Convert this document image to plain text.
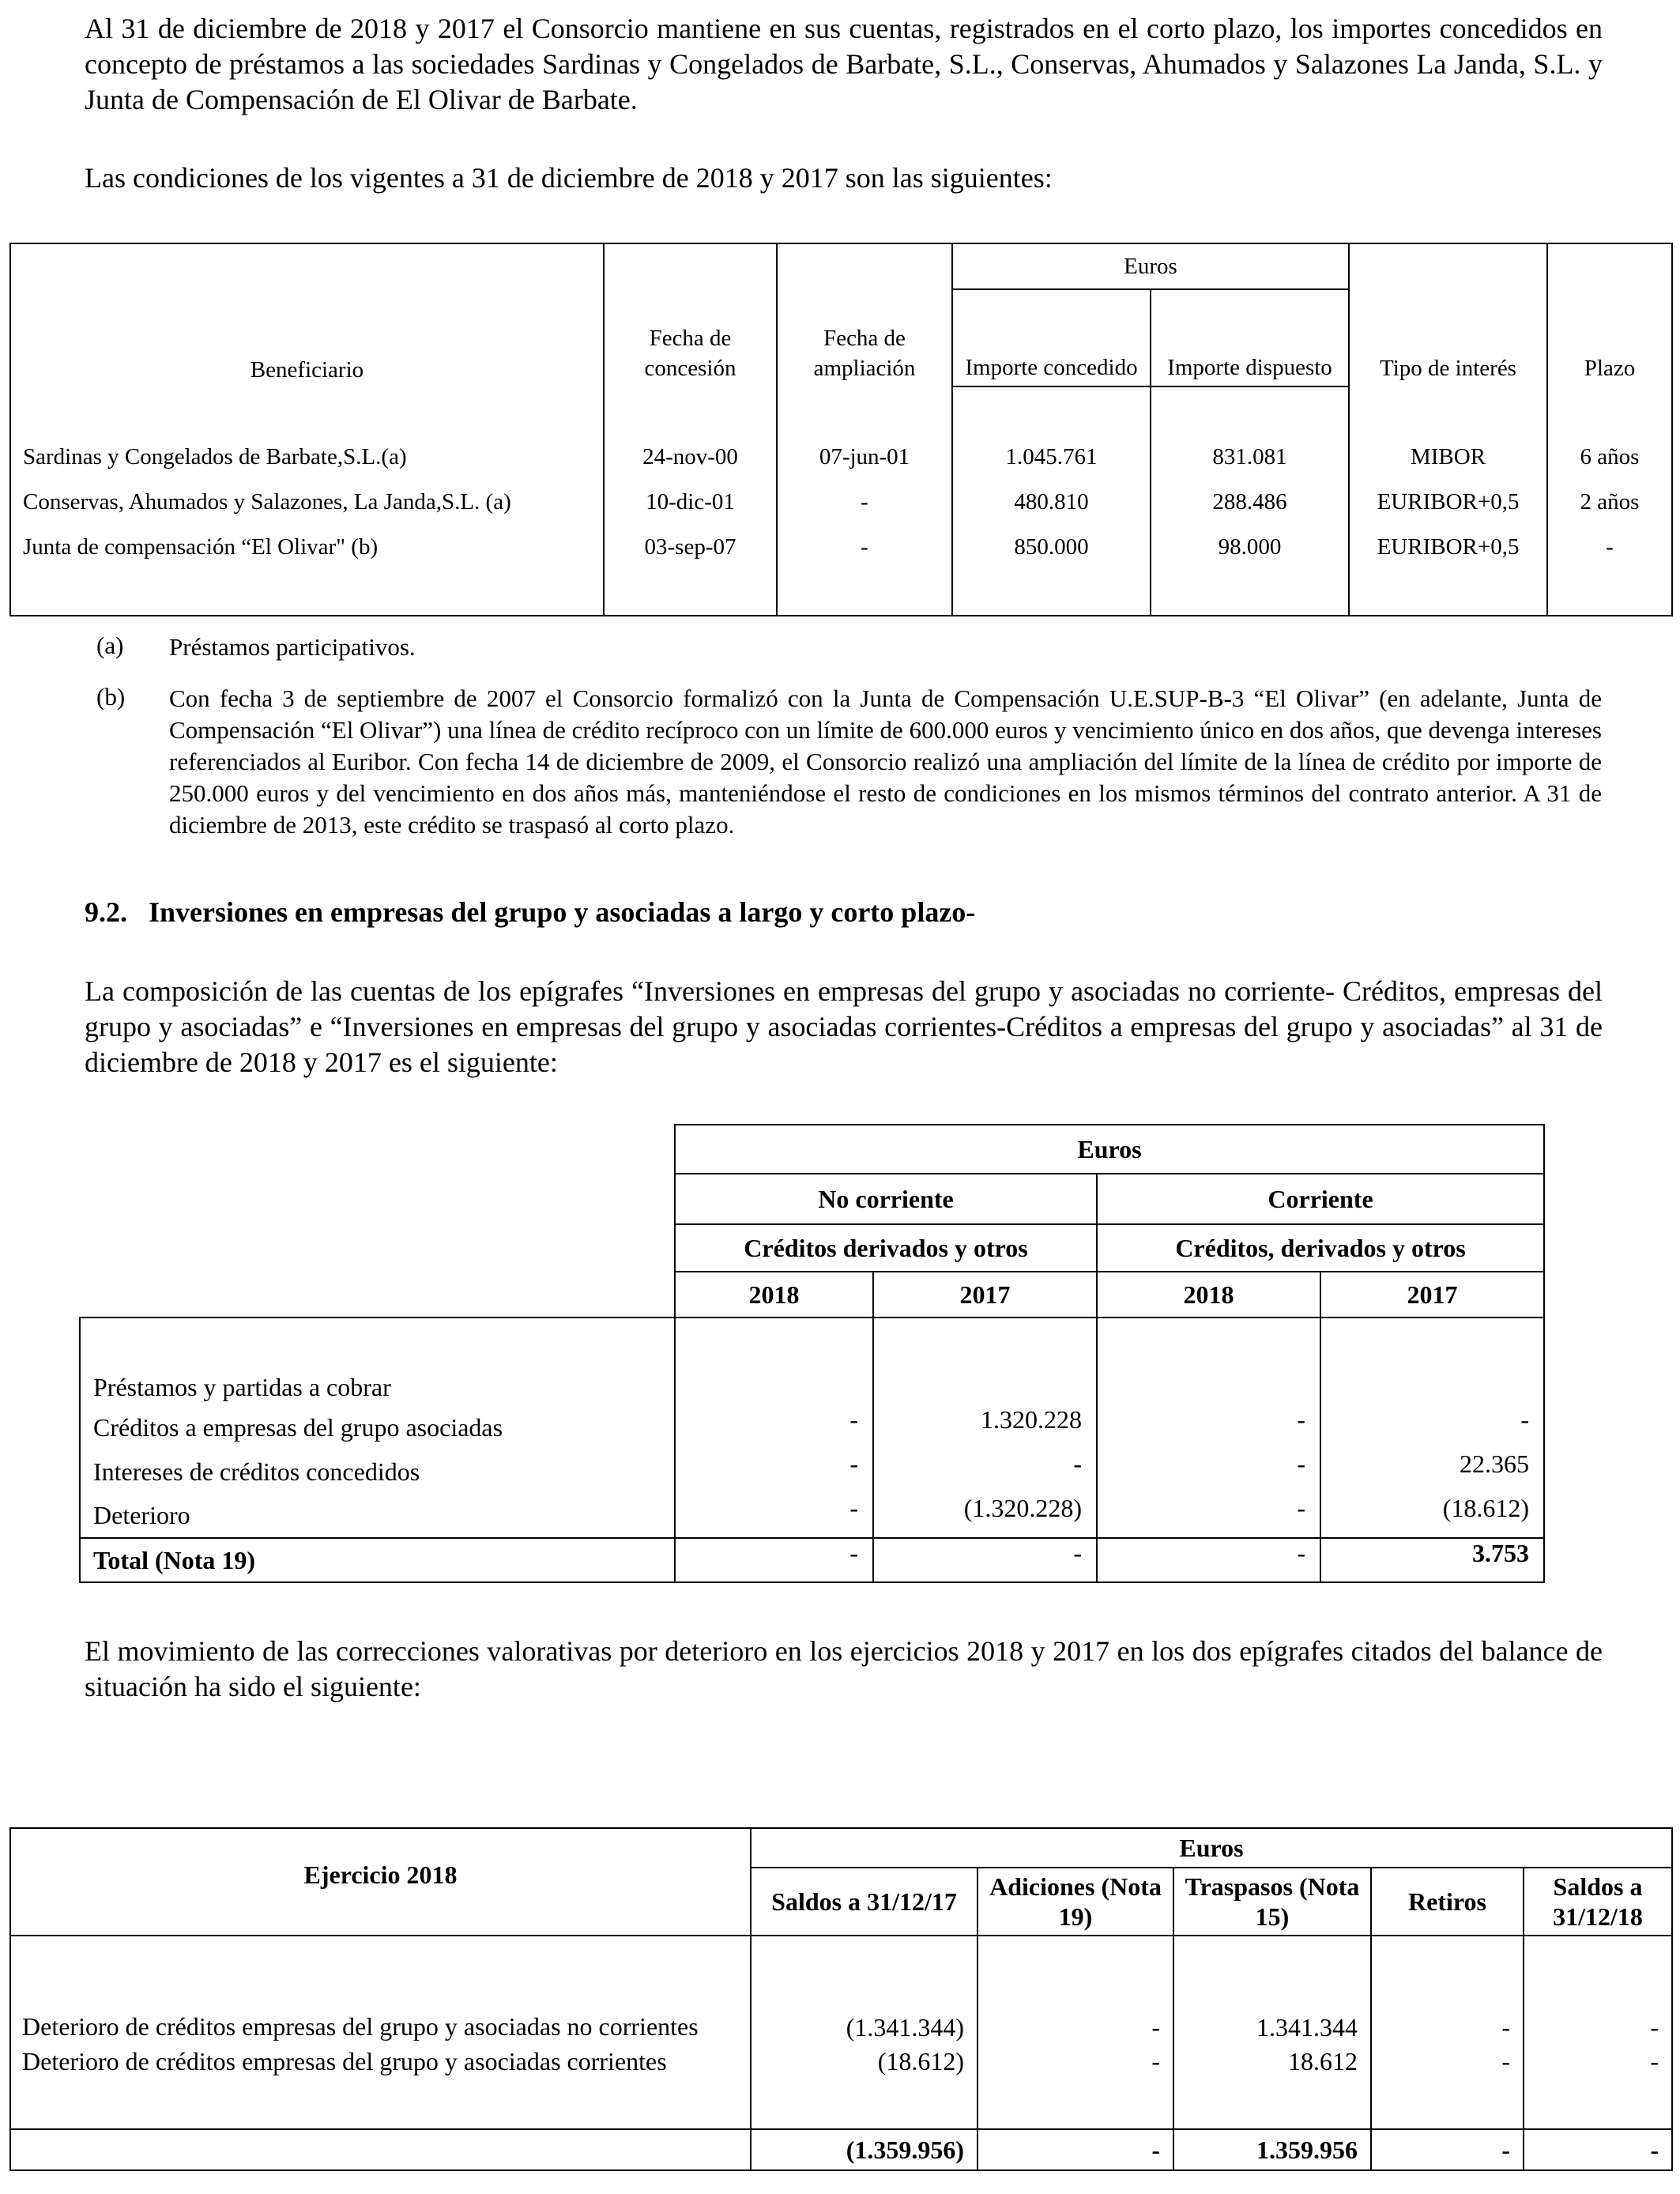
Al 31 de diciembre de 2018 y 2017 el Consorcio mantiene en sus cuentas, registrados en el corto plazo, los importes concedidos en concepto de préstamos a las sociedades Sardinas y Congelados de Barbate, S.L., Conservas, Ahumados y Salazones La Janda, S.L. y Junta de Compensación de El Olivar de Barbate.

Las condiciones de los vigentes a 31 de diciembre de 2018 y 2017 son las siguientes:

Beneficiario	Fecha de concesión	Fecha de ampliación	Euros		Tipo de interés	Plazo
			Importe concedido	Importe dispuesto		

Sardinas y Congelados de Barbate,S.L.(a)	24-nov-00	07-jun-01	1.045.761	831.081	MIBOR	6 años
Conservas, Ahumados y Salazones, La Janda,S.L. (a)	10-dic-01	-	480.810	288.486	EURIBOR+0,5	2 años
Junta de compensación “El Olivar" (b)	03-sep-07	-	850.000	98.000	EURIBOR+0,5	-

(a) Préstamos participativos.

(b) Con fecha 3 de septiembre de 2007 el Consorcio formalizó con la Junta de Compensación U.E.SUP-B-3 “El Olivar” (en adelante, Junta de Compensación “El Olivar”) una línea de crédito recíproco con un límite de 600.000 euros y vencimiento único en dos años, que devenga intereses referenciados al Euribor. Con fecha 14 de diciembre de 2009, el Consorcio realizó una ampliación del límite de la línea de crédito por importe de 250.000 euros y del vencimiento en dos años más, manteniéndose el resto de condiciones en los mismos términos del contrato anterior. A 31 de diciembre de 2013, este crédito se traspasó al corto plazo.

9.2.   Inversiones en empresas del grupo y asociadas a largo y corto plazo-

La composición de las cuentas de los epígrafes “Inversiones en empresas del grupo y asociadas no corriente- Créditos, empresas del grupo y asociadas” e “Inversiones en empresas del grupo y asociadas corrientes-Créditos a empresas del grupo y asociadas” al 31 de diciembre de 2018 y 2017 es el siguiente:

	Euros			
	No corriente		Corriente	
	Créditos derivados y otros		Créditos, derivados y otros	
	2018	2017	2018	2017
Préstamos y partidas a cobrar				
Créditos a empresas del grupo asociadas	-	1.320.228	-	-
Intereses de créditos concedidos	-	-	-	22.365
Deterioro	-	(1.320.228)	-	(18.612)
Total (Nota 19)	-	-	-	3.753

El movimiento de las correcciones valorativas por deterioro en los ejercicios 2018 y 2017 en los dos epígrafes citados del balance de situación ha sido el siguiente:

Ejercicio 2018	Euros				
	Saldos a 31/12/17	Adiciones (Nota 19)	Traspasos (Nota 15)	Retiros	Saldos a 31/12/18
Deterioro de créditos empresas del grupo y asociadas no corrientes	(1.341.344)	-	1.341.344	-	-
Deterioro de créditos empresas del grupo y asociadas corrientes	(18.612)	-	18.612	-	-

	(1.359.956)	-	1.359.956	-	-
